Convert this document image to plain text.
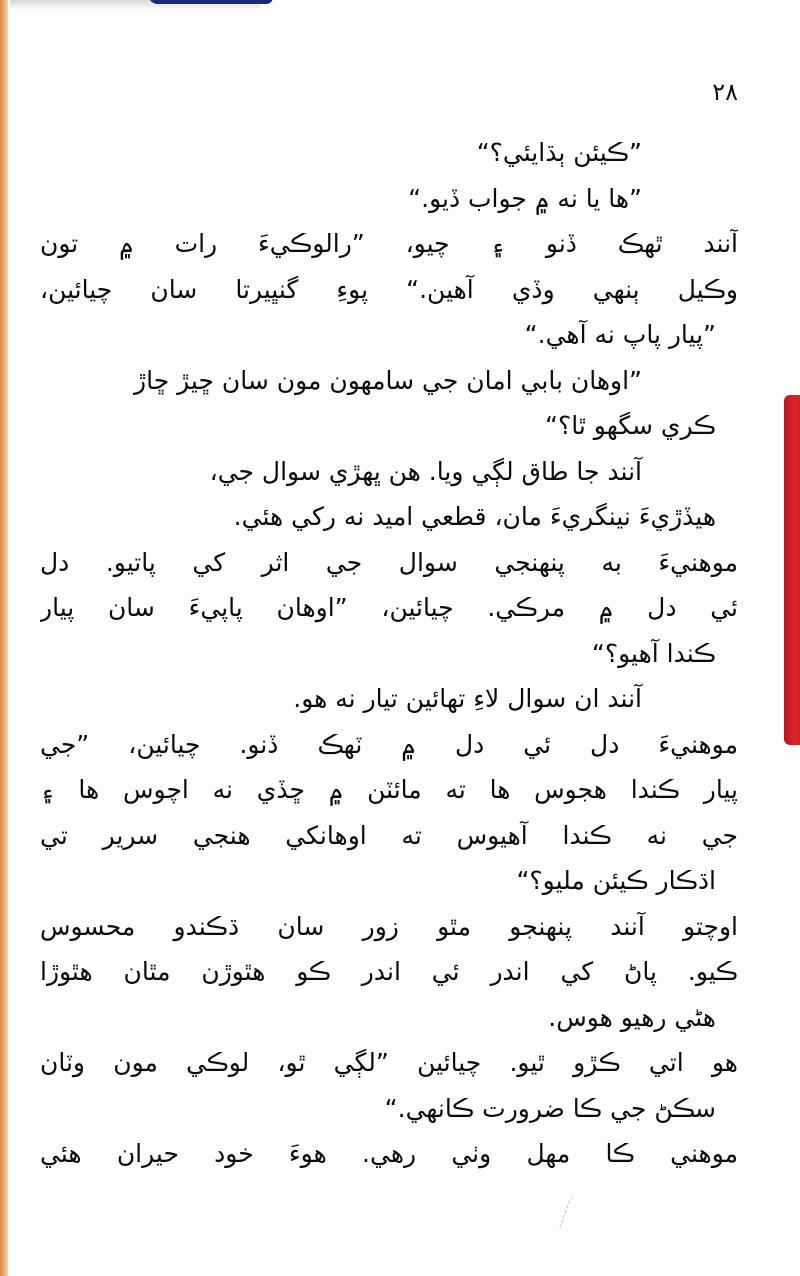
٢٨
”ڪيئن ٻڌايئي؟“
”ها يا نه ۾ جواب ڏيو.“
آنند ٿهڪ ڏنو ۽ چيو، ”رالوڪيءَ رات ۾ تون
وڪيل ٻنهي وڏي آهين.“ پوءِ گنڀيرتا سان چيائين،
”پيار پاپ نه آهي.“
”اوهان بابي امان جي سامهون مون سان ڇيڙ ڇاڙ
ڪري سگهو ٿا؟“
آنند جا طاق لڳي ويا. هن ڀهڙي سوال جي،
هيڏڙيءَ نينگريءَ مان، قطعي اميد نه رکي هئي.
موهنيءَ به پنهنجي سوال جي اثر کي پاتيو. دل
ئي دل ۾ مرڪي. چيائين، ”اوهان پاپيءَ سان پيار
ڪندا آهيو؟“
آنند ان سوال لاءِ تهائين تيار نه هو.
موهنيءَ دل ئي دل ۾ ٽهڪ ڏنو. چيائين، ”جي
پيار ڪندا هجوس ها ته مائٽن ۾ ڇڏي نه اچوس ها ۽
جي نه ڪندا آهيوس ته اوهانکي هنجي سرير تي
اڌڪار ڪيئن مليو؟“
اوچتو آنند پنهنجو مٿو زور سان ڌڪندو محسوس
ڪيو. پاڻ کي اندر ئي اندر ڪو هٿوڙن مٿان هٿوڙا
هڻي رهيو هوس.
هو اتي ڪڙو ٿيو. چيائين ”لڳي ٿو، لوڪي مون وٽان
سڪڻ جي ڪا ضرورت ڪانهي.“
موهني ڪا مهل وٺي رهي. هوءَ خود حيران هئي
